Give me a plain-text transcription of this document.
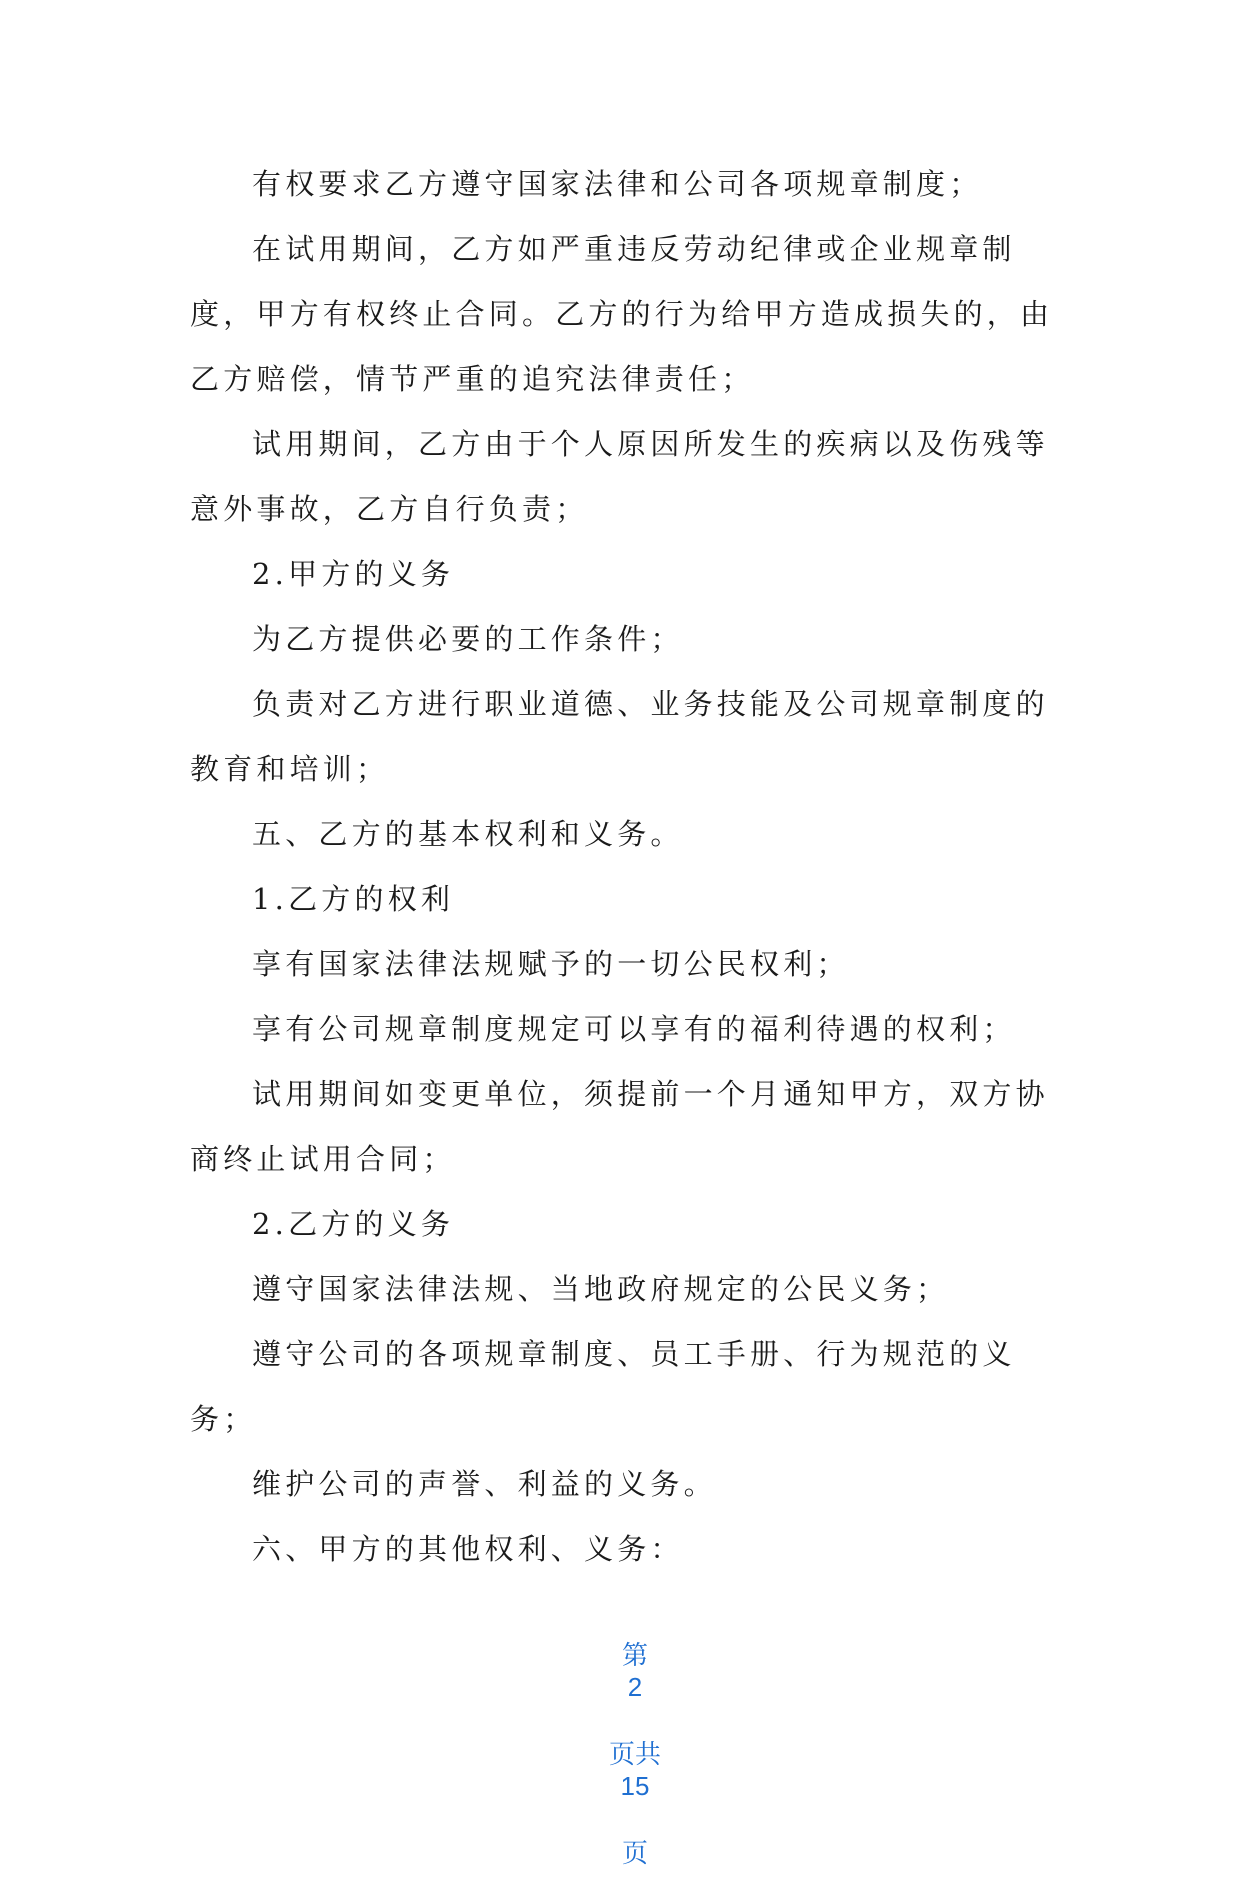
有权要求乙方遵守国家法律和公司各项规章制度；

在试用期间，乙方如严重违反劳动纪律或企业规章制度，甲方有权终止合同。乙方的行为给甲方造成损失的，由乙方赔偿，情节严重的追究法律责任；

试用期间，乙方由于个人原因所发生的疾病以及伤残等意外事故，乙方自行负责；

2.甲方的义务

为乙方提供必要的工作条件；

负责对乙方进行职业道德、业务技能及公司规章制度的教育和培训；

五、乙方的基本权利和义务。

1.乙方的权利

享有国家法律法规赋予的一切公民权利；

享有公司规章制度规定可以享有的福利待遇的权利；

试用期间如变更单位，须提前一个月通知甲方，双方协商终止试用合同；

2.乙方的义务

遵守国家法律法规、当地政府规定的公民义务；

遵守公司的各项规章制度、员工手册、行为规范的义务；

维护公司的声誉、利益的义务。

六、甲方的其他权利、义务：

第
2

页共
15

页
